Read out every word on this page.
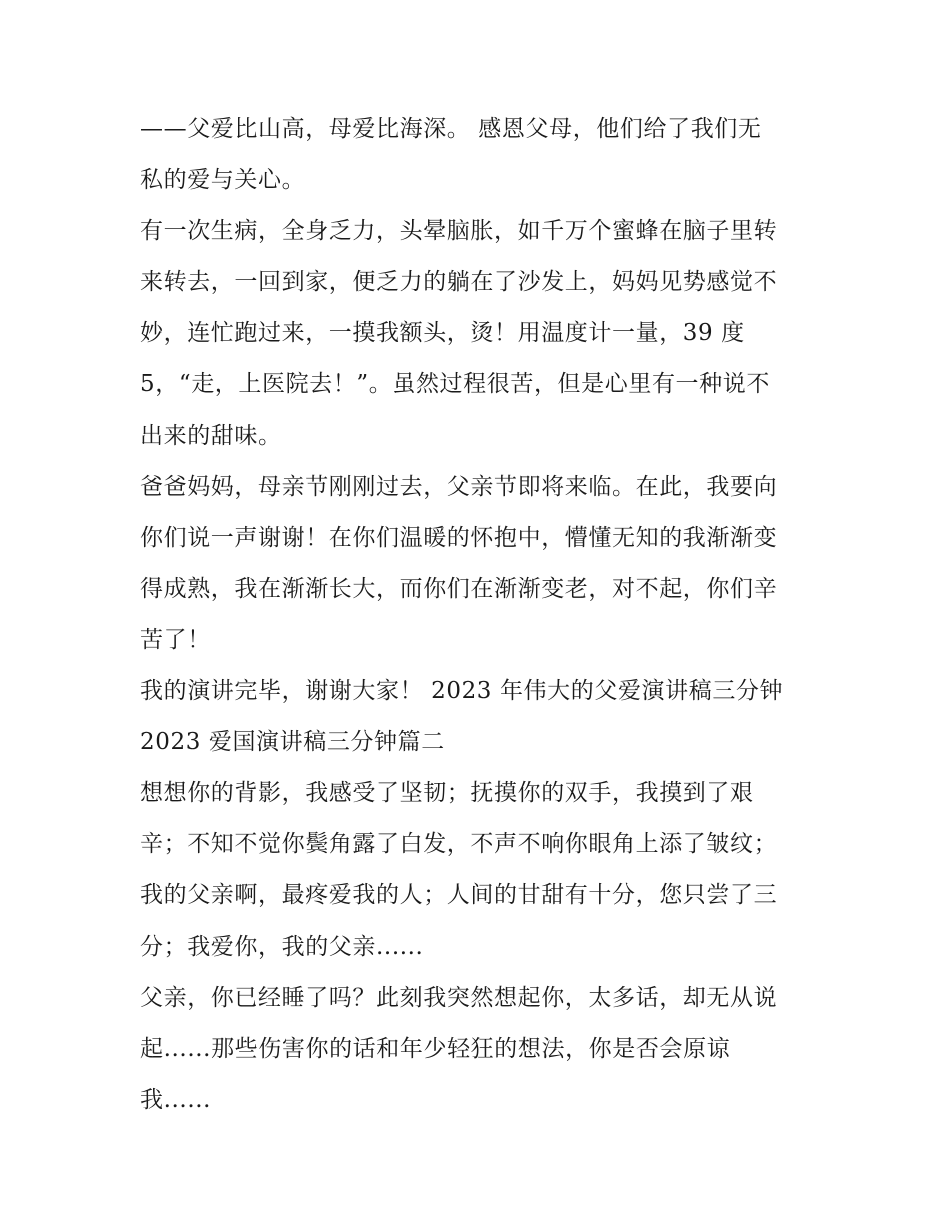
——父爱比山高，母爱比海深。 感恩父母，他们给了我们无
私的爱与关心。
有一次生病，全身乏力，头晕脑胀，如千万个蜜蜂在脑子里转
来转去，一回到家，便乏力的躺在了沙发上，妈妈见势感觉不
妙，连忙跑过来，一摸我额头，烫！用温度计一量，39 度
5，“走，上医院去！”。虽然过程很苦，但是心里有一种说不
出来的甜味。
爸爸妈妈，母亲节刚刚过去，父亲节即将来临。在此，我要向
你们说一声谢谢！在你们温暖的怀抱中，懵懂无知的我渐渐变
得成熟，我在渐渐长大，而你们在渐渐变老，对不起，你们辛
苦了！
我的演讲完毕，谢谢大家！ 2023 年伟大的父爱演讲稿三分钟
2023 爱国演讲稿三分钟篇二
想想你的背影，我感受了坚韧；抚摸你的双手，我摸到了艰
辛；不知不觉你鬓角露了白发，不声不响你眼角上添了皱纹；
我的父亲啊，最疼爱我的人；人间的甘甜有十分，您只尝了三
分；我爱你，我的父亲......
父亲，你已经睡了吗？此刻我突然想起你，太多话，却无从说
起......那些伤害你的话和年少轻狂的想法，你是否会原谅
我......
